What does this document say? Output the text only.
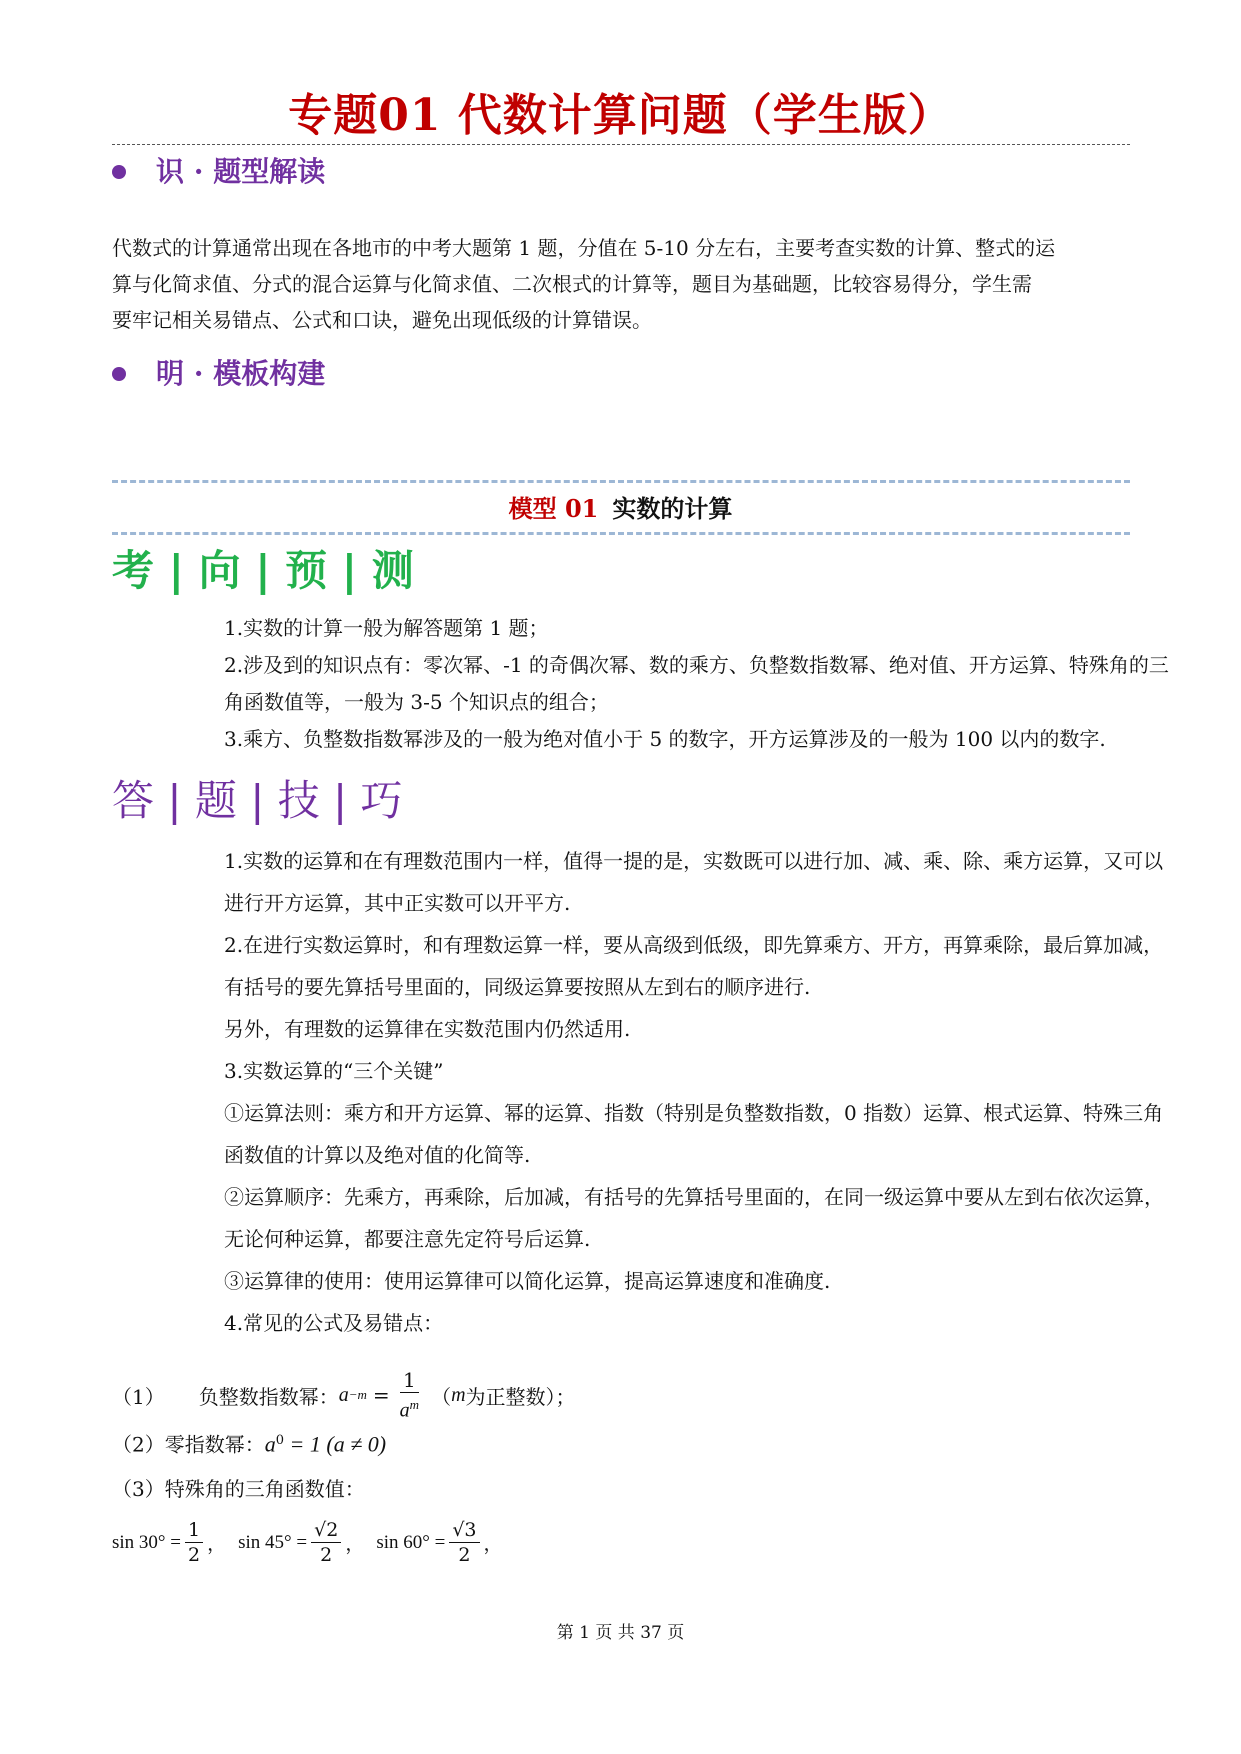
专题01 代数计算问题（学生版）
识 · 题型解读
代数式的计算通常出现在各地市的中考大题第 1 题，分值在 5-10 分左右，主要考查实数的计算、整式的运
算与化简求值、分式的混合运算与化简求值、二次根式的计算等，题目为基础题，比较容易得分，学生需
要牢记相关易错点、公式和口诀，避免出现低级的计算错误。
明 · 模板构建
模型 01 实数的计算
考 | 向 | 预 | 测
1.实数的计算一般为解答题第 1 题；
2.涉及到的知识点有：零次幂、-1 的奇偶次幂、数的乘方、负整数指数幂、绝对值、开方运算、特殊角的三
角函数值等，一般为 3-5 个知识点的组合；
3.乘方、负整数指数幂涉及的一般为绝对值小于 5 的数字，开方运算涉及的一般为 100 以内的数字.
答 | 题 | 技 | 巧
1.实数的运算和在有理数范围内一样，值得一提的是，实数既可以进行加、减、乘、除、乘方运算，又可以
进行开方运算，其中正实数可以开平方.
2.在进行实数运算时，和有理数运算一样，要从高级到低级，即先算乘方、开方，再算乘除，最后算加减，
有括号的要先算括号里面的，同级运算要按照从左到右的顺序进行.
另外，有理数的运算律在实数范围内仍然适用.
3.实数运算的“三个关键”
①运算法则：乘方和开方运算、幂的运算、指数（特别是负整数指数，0 指数）运算、根式运算、特殊三角
函数值的计算以及绝对值的化简等.
②运算顺序：先乘方，再乘除，后加减，有括号的先算括号里面的，在同一级运算中要从左到右依次运算，
无论何种运算，都要注意先定符号后运算.
③运算律的使用：使用运算律可以简化运算，提高运算速度和准确度.
4.常见的公式及易错点：
（1） 负整数指数幂： $a -m = \frac{1}{a^m}$ （ m 为正整数）；
（2）零指数幂：$a^0 = 1$ (a ≠ 0)
（3）特殊角的三角函数值：
$\sin 30^\circ = \frac{1}{2}$ ， $\sin 45^\circ = \frac{√2}{2}$ ， $\sin 60^\circ = \frac{√3}{2}$ ，
第 1 页 共 37 页
